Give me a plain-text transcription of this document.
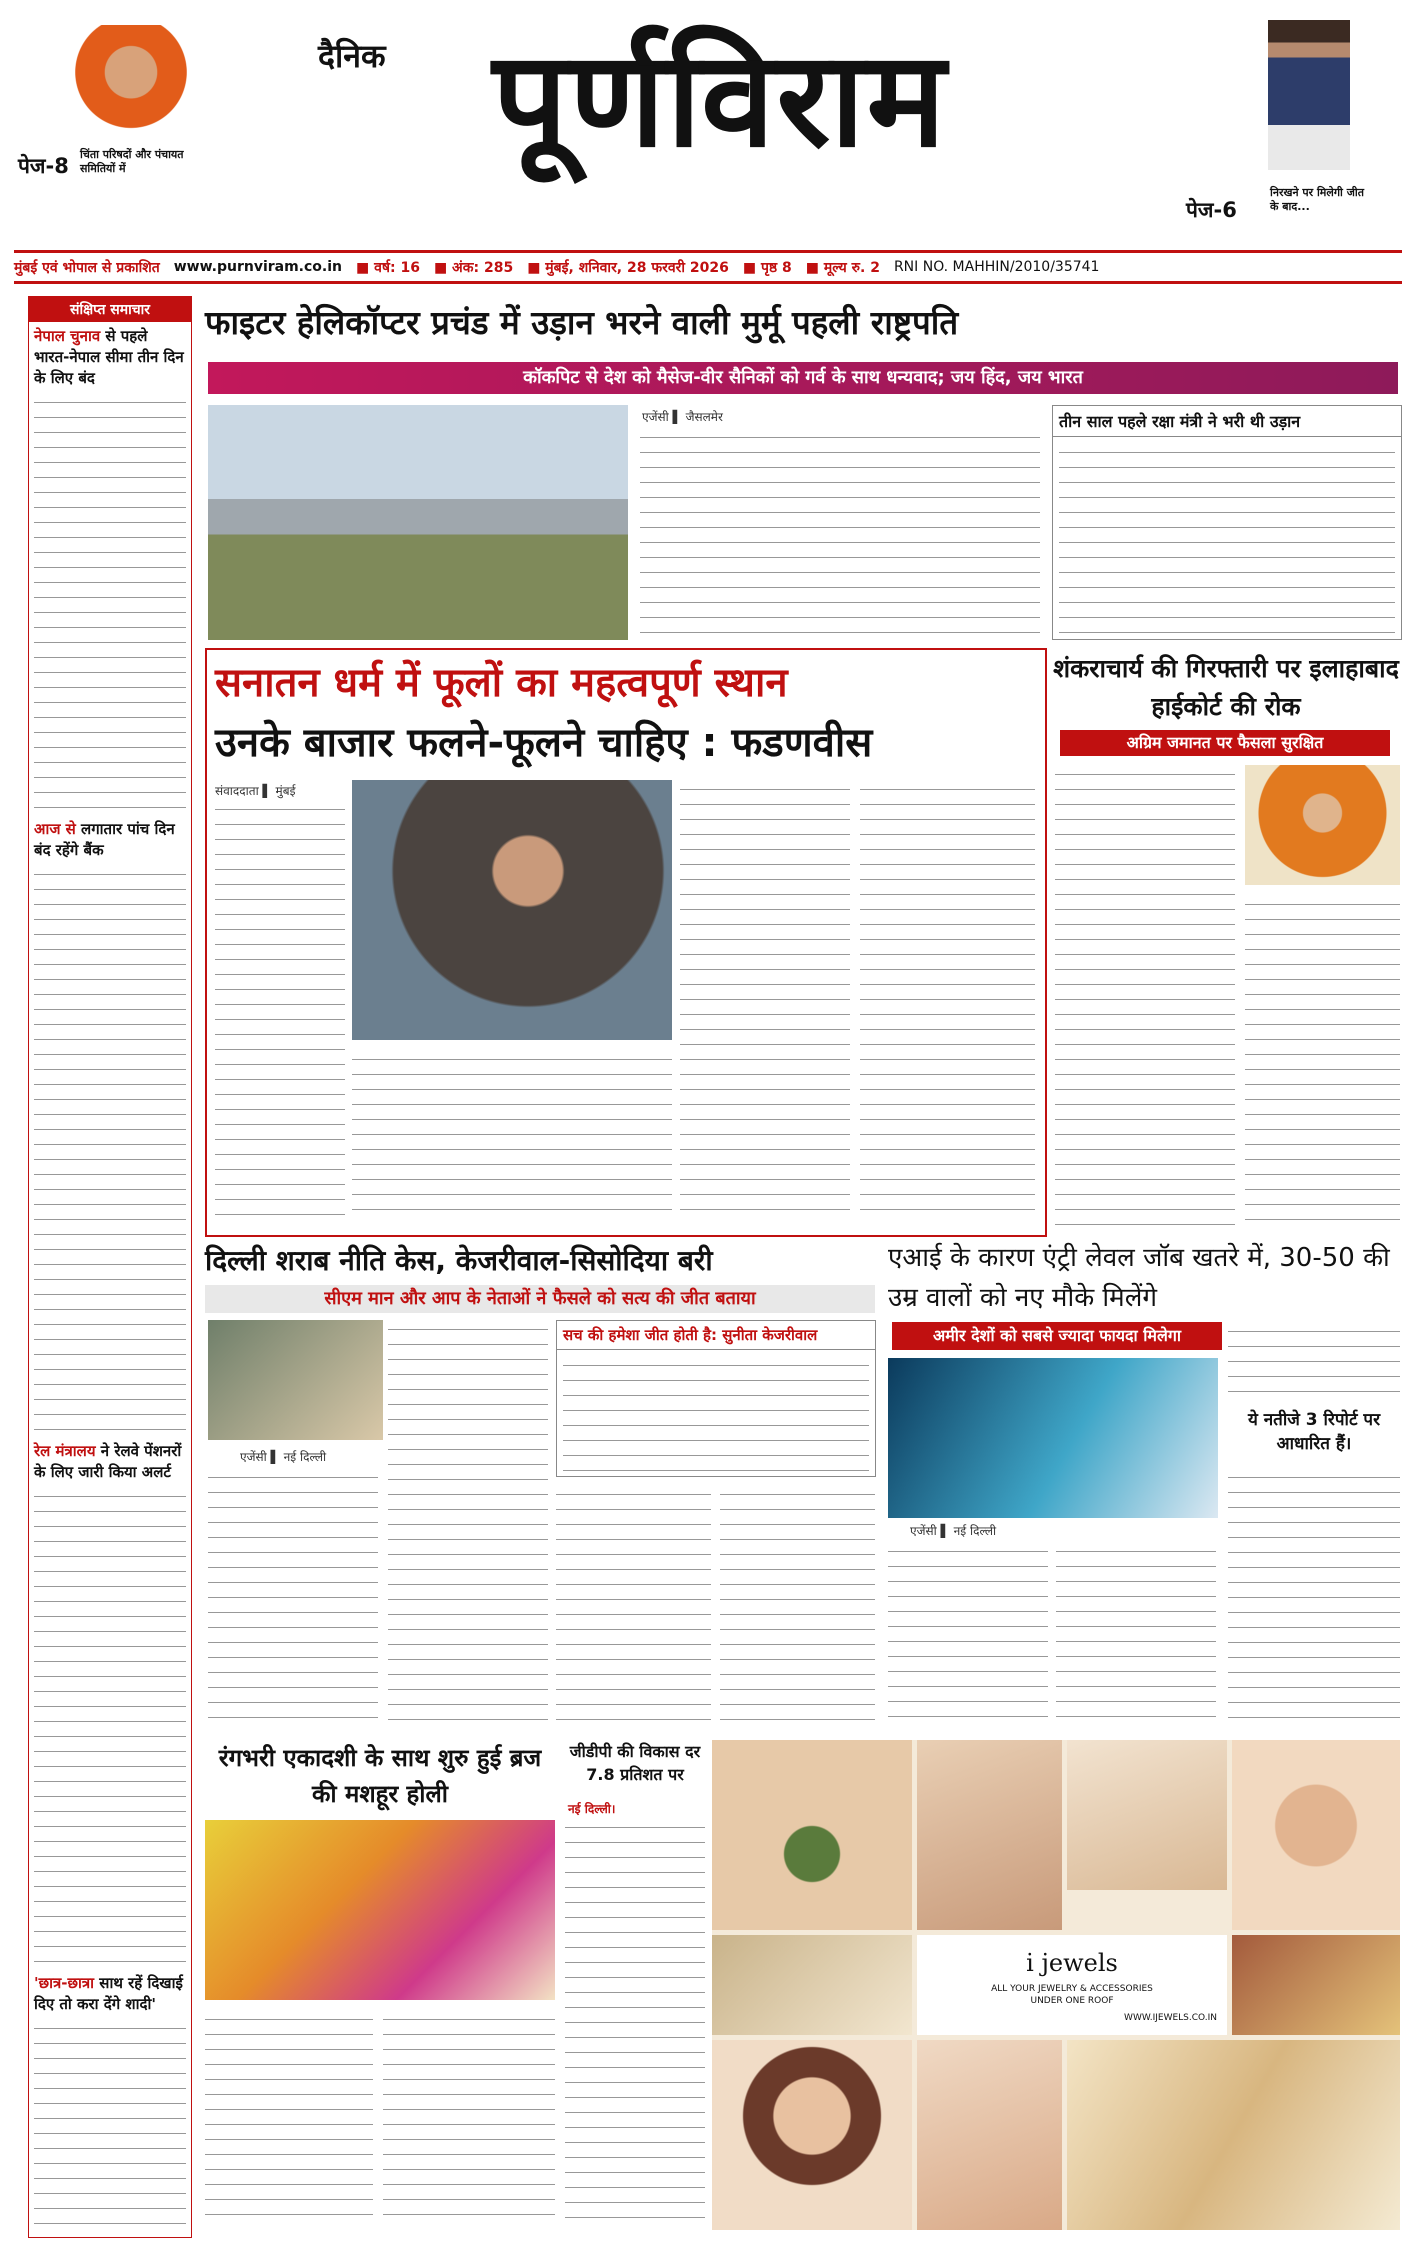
पेज-8 चिंता परिषदों और पंचायत समितियों में
दैनिक पूर्णविराम
पेज-6
निरखने पर मिलेगी जीत के बाद...
मुंबई एवं भोपाल से प्रकाशित www.purnviram.co.in ■ वर्ष: 16 ■ अंक: 285 ■ मुंबई, शनिवार, 28 फरवरी 2026 ■ पृष्ठ 8 ■ मूल्य रु. 2 RNI NO. MAHHIN/2010/35741
संक्षिप्त समाचार
नेपाल चुनाव से पहले भारत-नेपाल सीमा तीन दिन के लिए बंद
आज से लगातार पांच दिन बंद रहेंगे बैंक
रेल मंत्रालय ने रेलवे पेंशनरों के लिए जारी किया अलर्ट
'छात्र-छात्रा साथ रहें दिखाई दिए तो करा देंगे शादी'
फाइटर हेलिकॉप्टर प्रचंड में उड़ान भरने वाली मुर्मू पहली राष्ट्रपति
कॉकपिट से देश को मैसेज-वीर सैनिकों को गर्व के साथ धन्यवाद; जय हिंद, जय भारत
एजेंसी ▌ जैसलमेर	तीन साल पहले रक्षा मंत्री ने भरी थी उड़ान
सनातन धर्म में फूलों का महत्वपूर्ण स्थान
उनके बाजार फलने-फूलने चाहिए : फडणवीस
संवाददाता ▌ मुंबई
शंकराचार्य की गिरफ्तारी पर इलाहाबाद हाईकोर्ट की रोक
अग्रिम जमानत पर फैसला सुरक्षित
दिल्ली शराब नीति केस, केजरीवाल-सिसोदिया बरी
सीएम मान और आप के नेताओं ने फैसले को सत्य की जीत बताया
एजेंसी ▌ नई दिल्ली
सच की हमेशा जीत होती है: सुनीता केजरीवाल
एआई के कारण एंट्री लेवल जॉब खतरे में, 30-50 की उम्र वालों को नए मौके मिलेंगे
अमीर देशों को सबसे ज्यादा फायदा मिलेगा
एजेंसी ▌ नई दिल्ली
ये नतीजे 3 रिपोर्ट पर आधारित हैं।
रंगभरी एकादशी के साथ शुरु हुई ब्रज की मशहूर होली
जीडीपी की विकास दर 7.8 प्रतिशत पर
नई दिल्ली।
i jewels
ALL YOUR JEWELRY & ACCESSORIES UNDER ONE ROOF
WWW.IJEWELS.CO.IN
